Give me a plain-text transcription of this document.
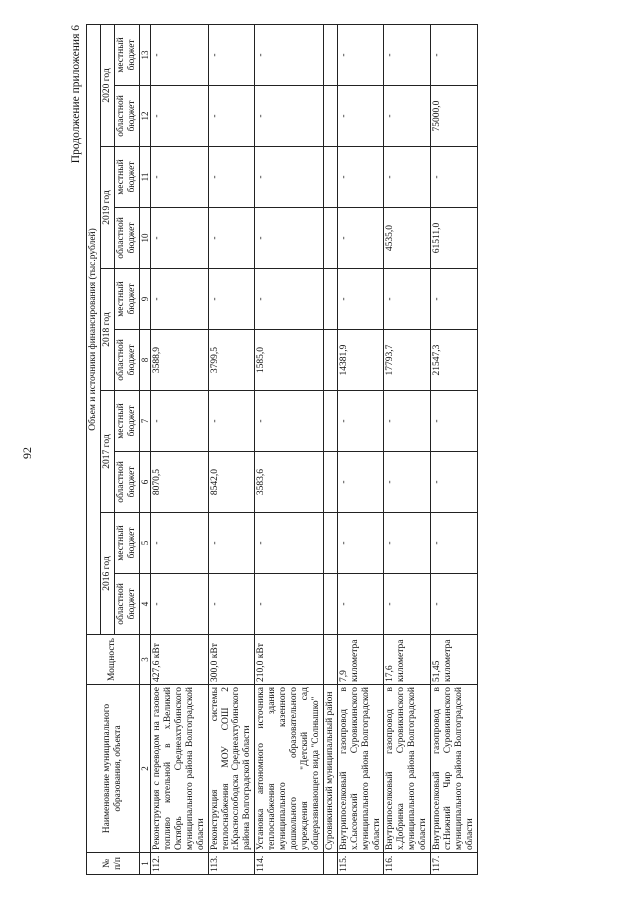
92
Продолжение приложения 6
№ п/п	Наименование муниципального образования, объекта	Мощность	Объем и источники финансирования (тыс.рублей)									
			2016 год		2017 год		2018 год		2019 год		2020 год	
			областной бюджет	местный бюджет	областной бюджет	местный бюджет	областной бюджет	местный бюджет	областной бюджет	местный бюджет	областной бюджет	местный бюджет
1	2	3	4	5	6	7	8	9	10	11	12	13
112.	Реконструкция с переводом на газовое топливо котельной в х.Великий Октябрь Среднеахтубинского муниципального района Волгоградской области	427,6 кВт	-	-	8070,5	-	3588,9	-	-	-	-	-
113.	Реконструкция системы теплоснабжения МОУ СОШ 2 г.Краснослободска Среднеахтубинского района Волгоградской области	300,0 кВт	-	-	8542,0	-	3799,5	-	-	-	-	-
114.	Установка автономного источника теплоснабжения здания муниципального казенного дошкольного образовательного учреждения "Детский сад общеразвивающего вида "Солнышко"	210,0 кВт	-	-	3583,6	-	1585,0	-	-	-	-	-
	Суровикинский муниципальный район											
115.	Внутрипоселковый газопровод в х.Сысоевский Суровикинского муниципального района Волгоградской области	7,9 километра	-	-	-	-	14381,9	-	-	-	-	-
116.	Внутрипоселковый газопровод в х.Добринка Суровикинского муниципального района Волгоградской области	17,6 километра	-	-	-	-	17793,7	-	4535,0	-	-	-
117.	Внутрипоселковый газопровод в ст.Нижний Чир Суровикинского муниципального района Волгоградской области	51,45 километра	-	-	-	-	21547,3	-	61511,0	-	75000,0	-
